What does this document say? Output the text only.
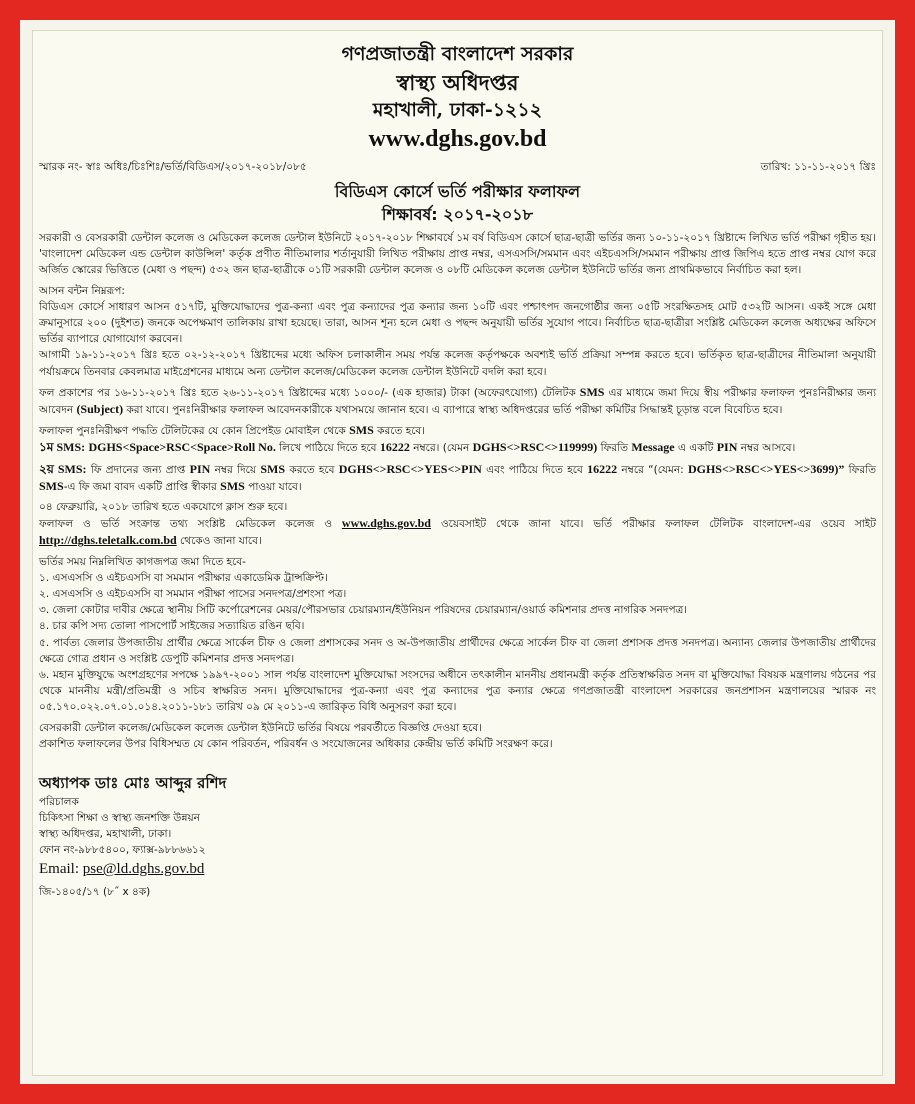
গণপ্রজাতন্ত্রী বাংলাদেশ সরকার
স্বাস্থ্য অধিদপ্তর
মহাখালী, ঢাকা-১২১২
www.dghs.gov.bd
স্মারক নং- স্বাঃ অধিঃ/চিঃশিঃ/ভর্তি/বিডিএস/২০১৭-২০১৮/০৮৫	তারিখ: ১১-১১-২০১৭ খ্রিঃ
বিডিএস কোর্সে ভর্তি পরীক্ষার ফলাফল
শিক্ষাবর্ষ: ২০১৭-২০১৮

সরকারী ও বেসরকারী ডেন্টাল কলেজ ও মেডিকেল কলেজ ডেন্টাল ইউনিটে ২০১৭-২০১৮ শিক্ষাবর্ষে ১ম বর্ষ বিডিএস কোর্সে ছাত্র-ছাত্রী ভর্তির জন্য ১০-১১-২০১৭ খ্রিষ্টাব্দে লিখিত ভর্তি পরীক্ষা গৃহীত হয়। 'বাংলাদেশ মেডিকেল এন্ড ডেন্টাল কাউন্সিল' কর্তৃক প্রণীত নীতিমালার শর্তানুযায়ী লিখিত পরীক্ষায় প্রাপ্ত নম্বর, এসএসসি/সমমান এবং এইচএসসি/সমমান পরীক্ষায় প্রাপ্ত জিপিএ হতে প্রাপ্ত নম্বর যোগ করে অর্জিত স্কোরের ভিত্তিতে (মেধা ও পছন্দ) ৫৩২ জন ছাত্র-ছাত্রীকে ০১টি সরকারী ডেন্টাল কলেজ ও ০৮টি মেডিকেল কলেজ ডেন্টাল ইউনিটে ভর্তির জন্য প্রাথমিকভাবে নির্বাচিত করা হল।

আসন বন্টন নিম্নরূপ:

বিডিএস কোর্সে সাধারণ আসন ৫১৭টি, মুক্তিযোদ্ধাদের পুত্র-কন্যা এবং পুত্র কন্যাদের পুত্র কন্যার জন্য ১০টি এবং পশ্চাৎপদ জনগোষ্ঠীর জন্য ০৫টি সংরক্ষিতসহ মোট ৫৩২টি আসন। একই সঙ্গে মেধা ক্রমানুসারে ২০০ (দুইশত) জনকে অপেক্ষমাণ তালিকায় রাখা হয়েছে। তারা, আসন শূন্য হলে মেধা ও পছন্দ অনুযায়ী ভর্তির সুযোগ পাবে। নির্বাচিত ছাত্র-ছাত্রীরা সংশ্লিষ্ট মেডিকেল কলেজ অধ্যক্ষের অফিসে ভর্তির ব্যাপারে যোগাযোগ করবেন।

আগামী ১৯-১১-২০১৭ খ্রিঃ হতে ০২-১২-২০১৭ খ্রিষ্টাব্দের মধ্যে অফিস চলাকালীন সময় পর্যন্ত কলেজ কর্তৃপক্ষকে অবশ্যই ভর্তি প্রক্রিয়া সম্পন্ন করতে হবে। ভর্তিকৃত ছাত্র-ছাত্রীদের নীতিমালা অনুযায়ী পর্যায়ক্রমে তিনবার কেবলমাত্র মাইগ্রেশনের মাধ্যমে অন্য ডেন্টাল কলেজ/মেডিকেল কলেজ ডেন্টাল ইউনিটে বদলি করা হবে।

ফল প্রকাশের পর ১৬-১১-২০১৭ খ্রিঃ হতে ২৬-১১-২০১৭ খ্রিষ্টাব্দের মধ্যে ১০০০/- (এক হাজার) টাকা (অফেরৎযোগ্য) টেলিটক SMS এর মাধ্যমে জমা দিয়ে স্বীয় পরীক্ষার ফলাফল পুনঃনিরীক্ষার জন্য আবেদন (Subject) করা যাবে। পুনঃনিরীক্ষার ফলাফল আবেদনকারীকে যথাসময়ে জানান হবে। এ ব্যাপারে স্বাস্থ্য অধিদপ্তরের ভর্তি পরীক্ষা কমিটির সিদ্ধান্তই চূড়ান্ত বলে বিবেচিত হবে।

ফলাফল পুনঃনিরীক্ষণ পদ্ধতি টেলিটকের যে কোন প্রিপেইড মোবাইল থেকে SMS করতে হবে।

১ম SMS: DGHS<Space>RSC<Space>Roll No. লিখে পাঠিয়ে দিতে হবে 16222 নম্বরে। (যেমন DGHS<>RSC<>119999) ফিরতি Message এ একটি PIN নম্বর আসবে।

২য় SMS: ফি প্রদানের জন্য প্রাপ্ত PIN নম্বর দিয়ে SMS করতে হবে DGHS<>RSC<>YES<>PIN এবং পাঠিয়ে দিতে হবে 16222 নম্বরে “(যেমন: DGHS<>RSC<>YES<>3699)” ফিরতি SMS-এ ফি জমা বাবদ একটি প্রাপ্তি স্বীকার SMS পাওয়া যাবে।

০৪ ফেব্রুয়ারি, ২০১৮ তারিখ হতে একযোগে ক্লাস শুরু হবে।

ফলাফল ও ভর্তি সংক্রান্ত তথ্য সংশ্লিষ্ট মেডিকেল কলেজ ও www.dghs.gov.bd ওয়েবসাইট থেকে জানা যাবে। ভর্তি পরীক্ষার ফলাফল টেলিটক বাংলাদেশ-এর ওয়েব সাইট http://dghs.teletalk.com.bd থেকেও জানা যাবে।

ভর্তির সময় নিম্নলিখিত কাগজপত্র জমা দিতে হবে-

১. এসএসসি ও এইচএসসি বা সমমান পরীক্ষার একাডেমিক ট্রান্সক্রিপ্ট।

২. এসএসসি ও এইচএসসি বা সমমান পরীক্ষা পাসের সনদপত্র/প্রশংসা পত্র।

৩. জেলা কোটার দাবীর ক্ষেত্রে স্থানীয় সিটি কর্পোরেশনের মেয়র/পৌরসভার চেয়ারম্যান/ইউনিয়ন পরিষদের চেয়ারম্যান/ওয়ার্ড কমিশনার প্রদত্ত নাগরিক সনদপত্র।

৪. চার কপি সদ্য তোলা পাসপোর্ট সাইজের সত্যায়িত রঙিন ছবি।

৫. পার্বত্য জেলার উপজাতীয় প্রার্থীর ক্ষেত্রে সার্কেল চীফ ও জেলা প্রশাসকের সনদ ও অ-উপজাতীয় প্রার্থীদের ক্ষেত্রে সার্কেল চীফ বা জেলা প্রশাসক প্রদত্ত সনদপত্র। অন্যান্য জেলার উপজাতীয় প্রার্থীদের ক্ষেত্রে গোত্র প্রধান ও সংশ্লিষ্ট ডেপুটি কমিশনার প্রদত্ত সনদপত্র।

৬. মহান মুক্তিযুদ্ধে অংশগ্রহণের সপক্ষে ১৯৯৭-২০০১ সাল পর্যন্ত বাংলাদেশ মুক্তিযোদ্ধা সংসদের অধীনে তৎকালীন মাননীয় প্রধানমন্ত্রী কর্তৃক প্রতিস্বাক্ষরিত সনদ বা মুক্তিযোদ্ধা বিষয়ক মন্ত্রণালয় গঠনের পর থেকে মাননীয় মন্ত্রী/প্রতিমন্ত্রী ও সচিব স্বাক্ষরিত সনদ। মুক্তিযোদ্ধাদের পুত্র-কন্যা এবং পুত্র কন্যাদের পুত্র কন্যার ক্ষেত্রে গণপ্রজাতন্ত্রী বাংলাদেশ সরকারের জনপ্রশাসন মন্ত্রণালয়ের স্মারক নং ০৫.১৭০.০২২.০৭.০১.০১৪.২০১১-১৮১ তারিখ ০৯ মে ২০১১-এ জারিকৃত বিধি অনুসরণ করা হবে।

বেসরকারী ডেন্টাল কলেজ/মেডিকেল কলেজ ডেন্টাল ইউনিটে ভর্তির বিষয়ে পরবর্তীতে বিজ্ঞপ্তি দেওয়া হবে।

প্রকাশিত ফলাফলের উপর বিধিসম্মত যে কোন পরিবর্তন, পরিবর্ধন ও সংযোজনের অধিকার কেন্দ্রীয় ভর্তি কমিটি সংরক্ষণ করে।

অধ্যাপক ডাঃ মোঃ আব্দুর রশিদ
পরিচালক
চিকিৎসা শিক্ষা ও স্বাস্থ্য জনশক্তি উন্নয়ন
স্বাস্থ্য অধিদপ্তর, মহাখালী, ঢাকা।
ফোন নং-৯৮৮৫৪০০, ফ্যাক্স-৯৮৮৬৬১২
Email: pse@ld.dghs.gov.bd
জি-১৪০৫/১৭ (৮˝ x ৪ক)
